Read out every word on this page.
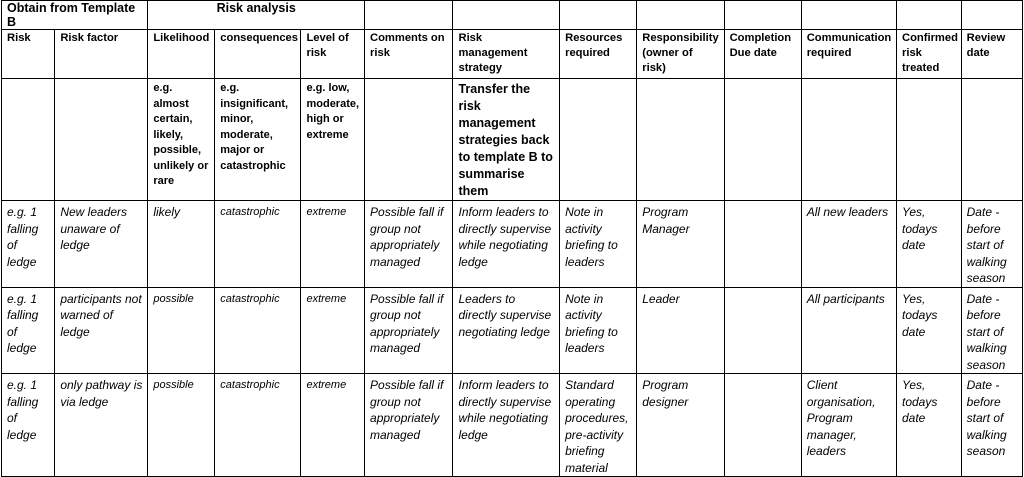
Obtain from Template B		Risk analysis										
Risk	Risk factor	Likelihood	consequences	Level of risk	Comments on risk	Risk management strategy	Resources required	Responsibility (owner of risk)	Completion Due date	Communication required	Confirmed risk treated	Review date
		e.g. almost certain, likely, possible, unlikely or rare	e.g. insignificant, minor, moderate, major or catastrophic	e.g. low, moderate, high or extreme		Transfer the risk management strategies back to template B to summarise them						
e.g. 1 falling of ledge	New leaders unaware of ledge	likely	catastrophic	extreme	Possible fall if group not appropriately managed	Inform leaders to directly supervise while negotiating ledge	Note in activity briefing to leaders	Program Manager		All new leaders	Yes, todays date	Date - before start of walking season
e.g. 1 falling of ledge	participants not warned of ledge	possible	catastrophic	extreme	Possible fall if group not appropriately managed	Leaders to directly supervise negotiating ledge	Note in activity briefing to leaders	Leader		All participants	Yes, todays date	Date - before start of walking season
e.g. 1 falling of ledge	only pathway is via ledge	possible	catastrophic	extreme	Possible fall if group not appropriately managed	Inform leaders to directly supervise while negotiating ledge	Standard operating procedures, pre-activity briefing material	Program designer		Client organisation, Program manager, leaders	Yes, todays date	Date - before start of walking season
